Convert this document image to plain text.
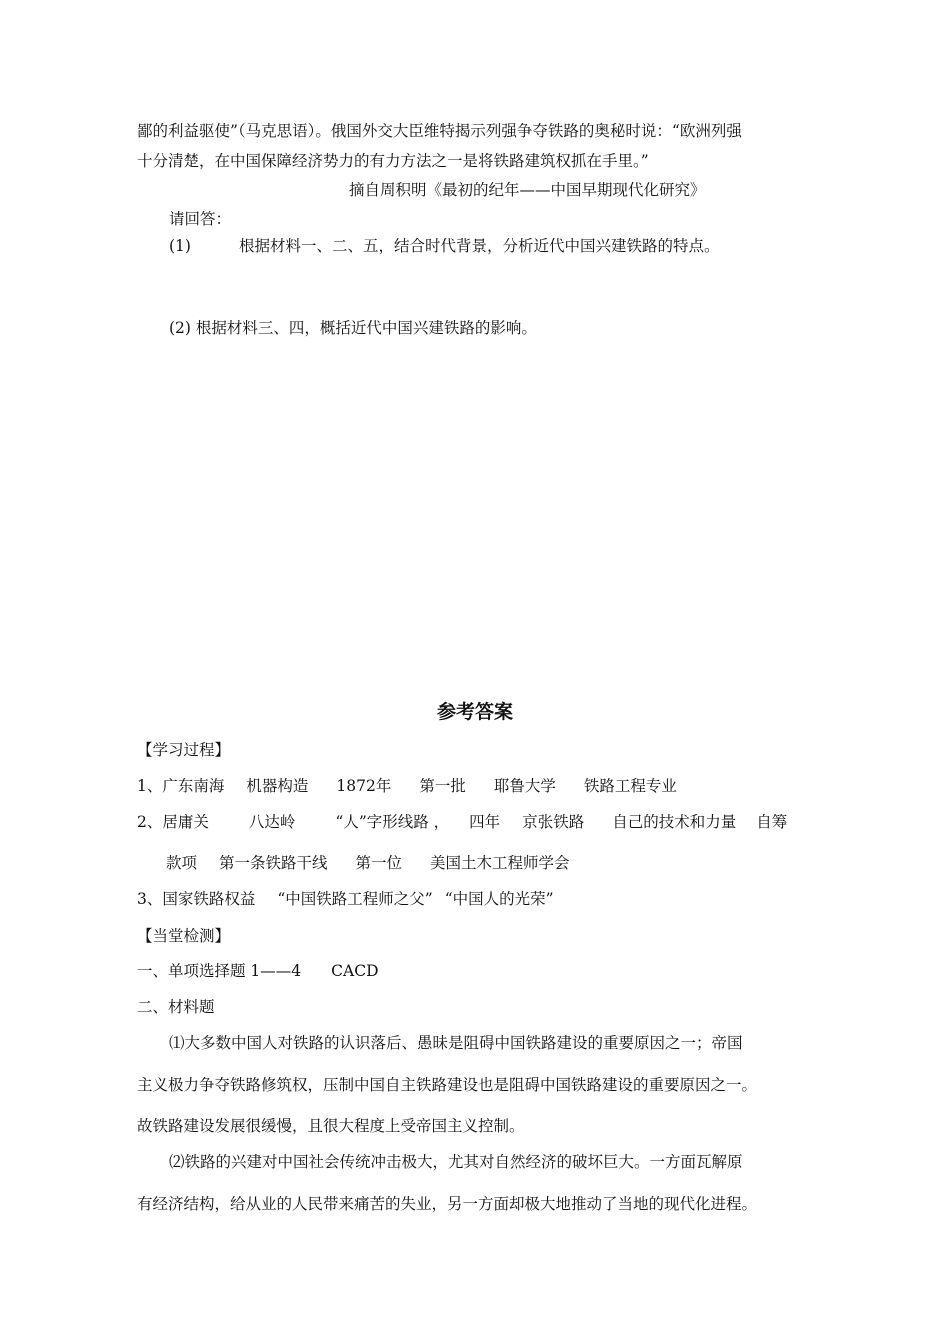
鄙的利益驱使”（马克思语）。俄国外交大臣维特揭示列强争夺铁路的奥秘时说：“欧洲列强
十分清楚，在中国保障经济势力的有力方法之一是将铁路建筑权抓在手里。”
摘自周积明《最初的纪年——中国早期现代化研究》
请回答：
(1)	根据材料一、二、五，结合时代背景，分析近代中国兴建铁路的特点。
(2) 根据材料三、四，概括近代中国兴建铁路的影响。
参考答案
【学习过程】
1、广东南海 机器构造 1872年 第一批 耶鲁大学 铁路工程专业
2、居庸关	八达岭	“人”字形线路 ， 四年 京张铁路 自己的技术和力量 自筹
款项 第一条铁路干线 第一位 美国土木工程师学会
3、国家铁路权益 “中国铁路工程师之父” “中国人的光荣”
【当堂检测】
一、单项选择题 1——4 CACD
二、材料题
⑴大多数中国人对铁路的认识落后、愚昧是阻碍中国铁路建设的重要原因之一；帝国
主义极力争夺铁路修筑权，压制中国自主铁路建设也是阻碍中国铁路建设的重要原因之一。
故铁路建设发展很缓慢，且很大程度上受帝国主义控制。
⑵铁路的兴建对中国社会传统冲击极大，尤其对自然经济的破坏巨大。一方面瓦解原
有经济结构，给从业的人民带来痛苦的失业，另一方面却极大地推动了当地的现代化进程。
